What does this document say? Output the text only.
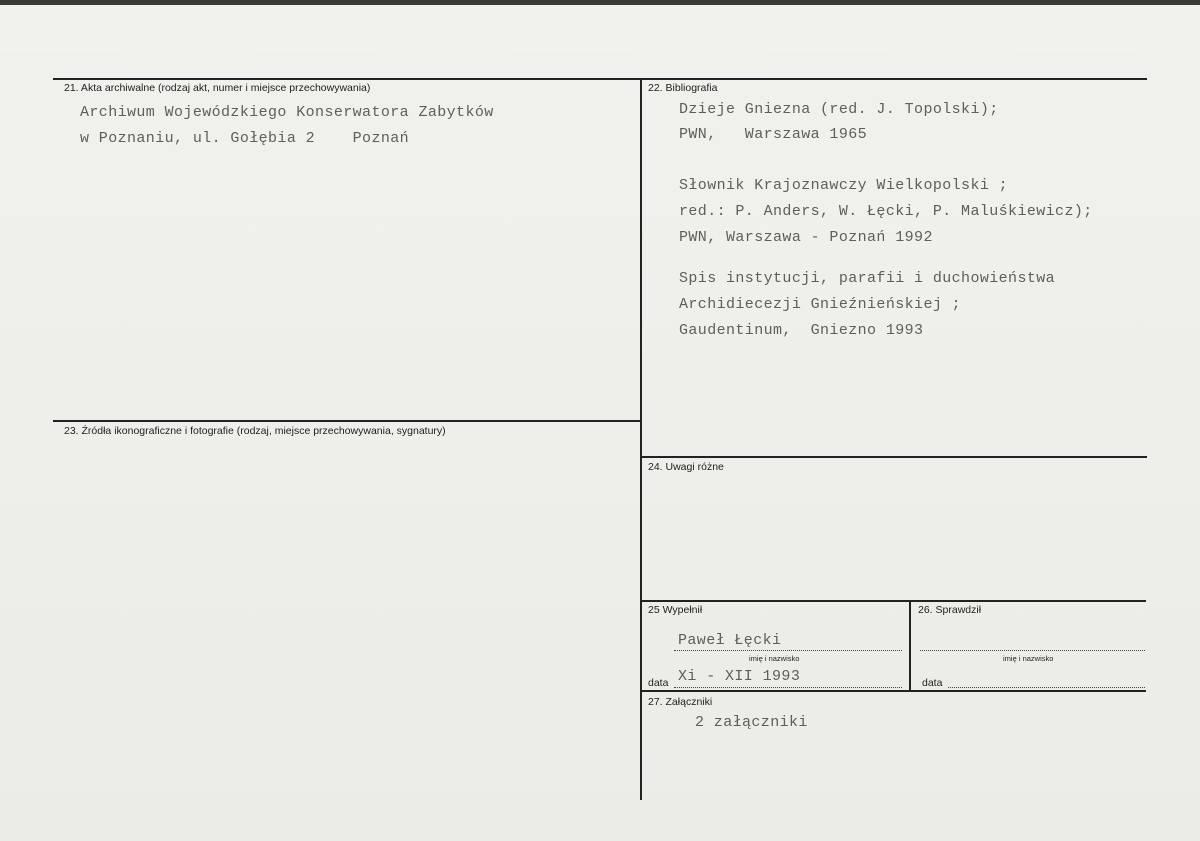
21. Akta archiwalne (rodzaj akt, numer i miejsce przechowywania)
Archiwum Wojewódzkiego Konserwatora Zabytków
w Poznaniu, ul. Gołębia 2    Poznań
22. Bibliografia
Dzieje Gniezna (red. J. Topolski);
PWN,   Warszawa 1965
Słownik Krajoznawczy Wielkopolski ;
red.: P. Anders, W. Łęcki, P. Maluśkiewicz);
PWN, Warszawa - Poznań 1992
Spis instytucji, parafii i duchowieństwa
Archidiecezji Gnieźnieńskiej ;
Gaudentinum,  Gniezno 1993
23. Źródła ikonograficzne i fotografie (rodzaj, miejsce przechowywania, sygnatury)
24. Uwagi różne
25 Wypełnił
Paweł Łęcki
imię i nazwisko
data Xi - XII 1993
26. Sprawdził
imię i nazwisko
data
27. Załączniki
2 załączniki
